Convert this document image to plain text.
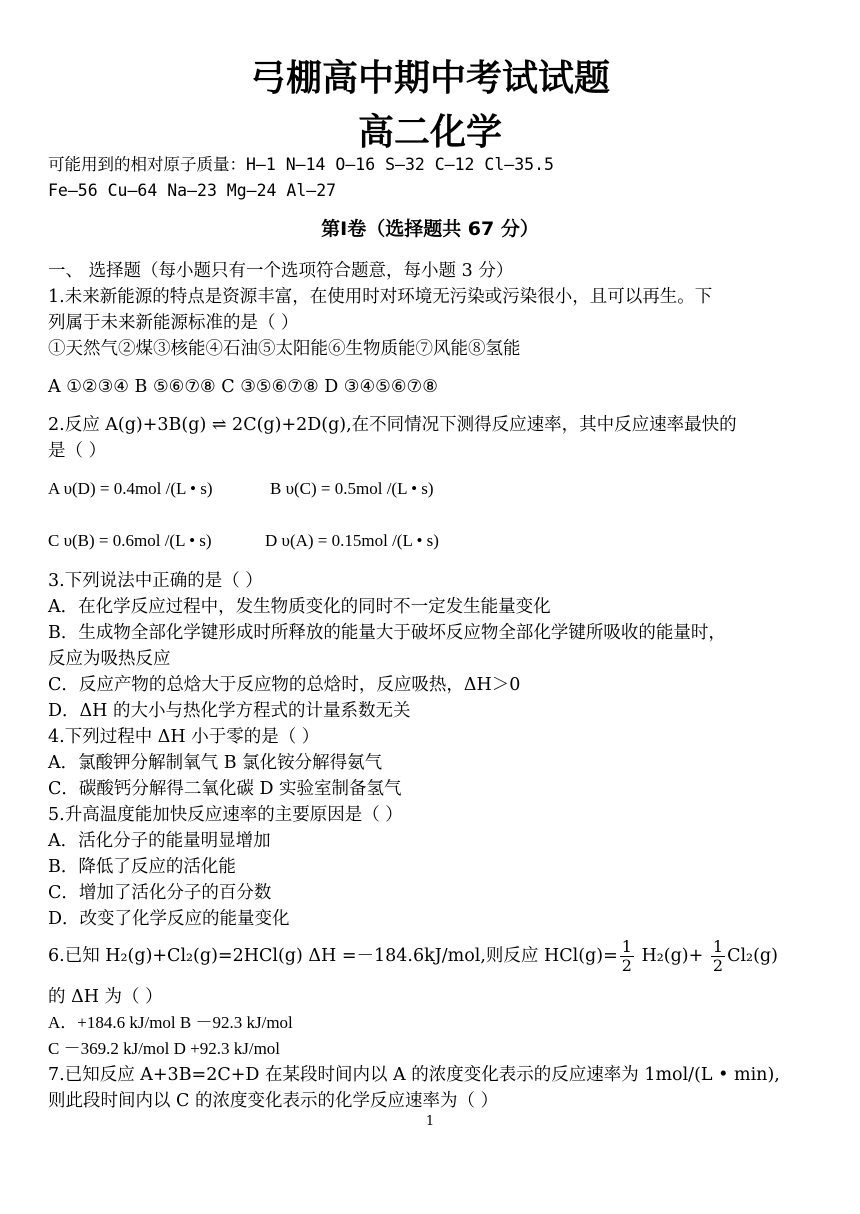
弓棚高中期中考试试题
高二化学
可能用到的相对原子质量：H—1 N—14 O—16 S—32 C—12 Cl—35.5
Fe—56 Cu—64 Na—23 Mg—24 Al—27
第Ⅰ卷（选择题共 67 分）
一、 选择题（每小题只有一个选项符合题意，每小题 3 分）
1.未来新能源的特点是资源丰富，在使用时对环境无污染或污染很小，且可以再生。下
列属于未来新能源标准的是（ ）
①天然气②煤③核能④石油⑤太阳能⑥生物质能⑦风能⑧氢能
A ①②③④ B ⑤⑥⑦⑧ C ③⑤⑥⑦⑧ D ③④⑤⑥⑦⑧
2.反应 A(g)+3B(g) ⇌ 2C(g)+2D(g),在不同情况下测得反应速率，其中反应速率最快的
是（ ）
A υ(D) = 0.4mol /(L • s)	B υ(C) = 0.5mol /(L • s)
C υ(B) = 0.6mol /(L • s)	D υ(A) = 0.15mol /(L • s)
3.下列说法中正确的是（ ）
A．在化学反应过程中，发生物质变化的同时不一定发生能量变化
B．生成物全部化学键形成时所释放的能量大于破坏反应物全部化学键所吸收的能量时，
反应为吸热反应
C．反应产物的总焓大于反应物的总焓时，反应吸热，ΔH＞0
D．ΔH 的大小与热化学方程式的计量系数无关
4.下列过程中 ΔH 小于零的是（ ）
A．氯酸钾分解制氧气 B 氯化铵分解得氨气
C．碳酸钙分解得二氧化碳 D 实验室制备氢气
5.升高温度能加快反应速率的主要原因是（ ）
A．活化分子的能量明显增加
B．降低了反应的活化能
C．增加了活化分子的百分数
D．改变了化学反应的能量变化
6.已知 H₂(g)+Cl₂(g)=2HCl(g) ΔH =－184.6kJ/mol,则反应 $HCl(g)= \frac{1}{2} H_2(g)+ \frac{1}{2} Cl_2(g)$
的 ΔH 为（ ）
A．+184.6 kJ/mol B －92.3 kJ/mol
C －369.2 kJ/mol D +92.3 kJ/mol
7.已知反应 A+3B=2C+D 在某段时间内以 A 的浓度变化表示的反应速率为 1mol/(L • min),
则此段时间内以 C 的浓度变化表示的化学反应速率为（ ）
1
